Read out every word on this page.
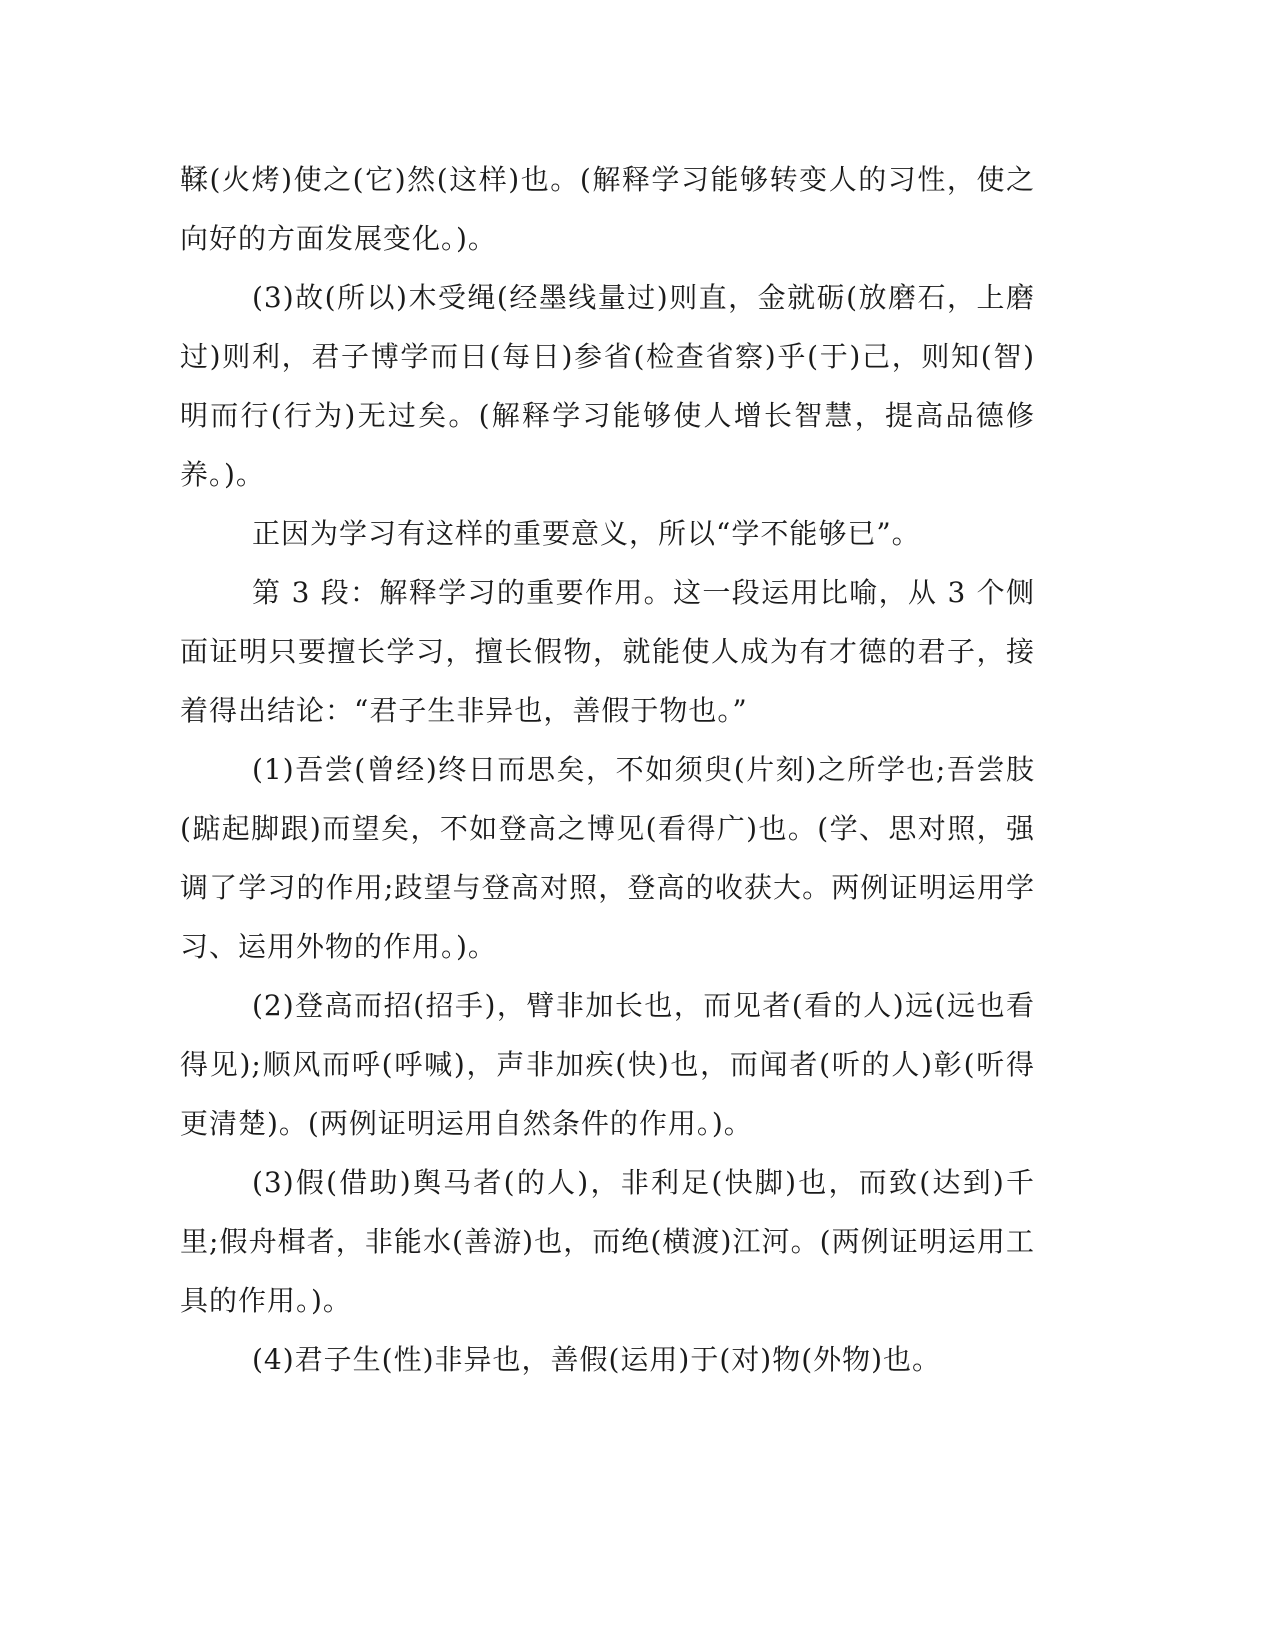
鞣(火烤)使之(它)然(这样)也。(解释学习能够转变人的习性，使之向好的方面发展变化。)。

(3)故(所以)木受绳(经墨线量过)则直，金就砺(放磨石，上磨过)则利，君子博学而日(每日)参省(检查省察)乎(于)己，则知(智)明而行(行为)无过矣。(解释学习能够使人增长智慧，提高品德修养。)。

正因为学习有这样的重要意义，所以“学不能够已”。

第 3 段：解释学习的重要作用。这一段运用比喻，从 3 个侧面证明只要擅长学习，擅长假物，就能使人成为有才德的君子，接着得出结论：“君子生非异也，善假于物也。”

(1)吾尝(曾经)终日而思矣，不如须臾(片刻)之所学也;吾尝肢(踮起脚跟)而望矣，不如登高之博见(看得广)也。(学、思对照，强调了学习的作用;跂望与登高对照，登高的收获大。两例证明运用学习、运用外物的作用。)。

(2)登高而招(招手)，臂非加长也，而见者(看的人)远(远也看得见);顺风而呼(呼喊)，声非加疾(快)也，而闻者(听的人)彰(听得更清楚)。(两例证明运用自然条件的作用。)。

(3)假(借助)舆马者(的人)，非利足(快脚)也，而致(达到)千里;假舟楫者，非能水(善游)也，而绝(横渡)江河。(两例证明运用工具的作用。)。

(4)君子生(性)非异也，善假(运用)于(对)物(外物)也。
